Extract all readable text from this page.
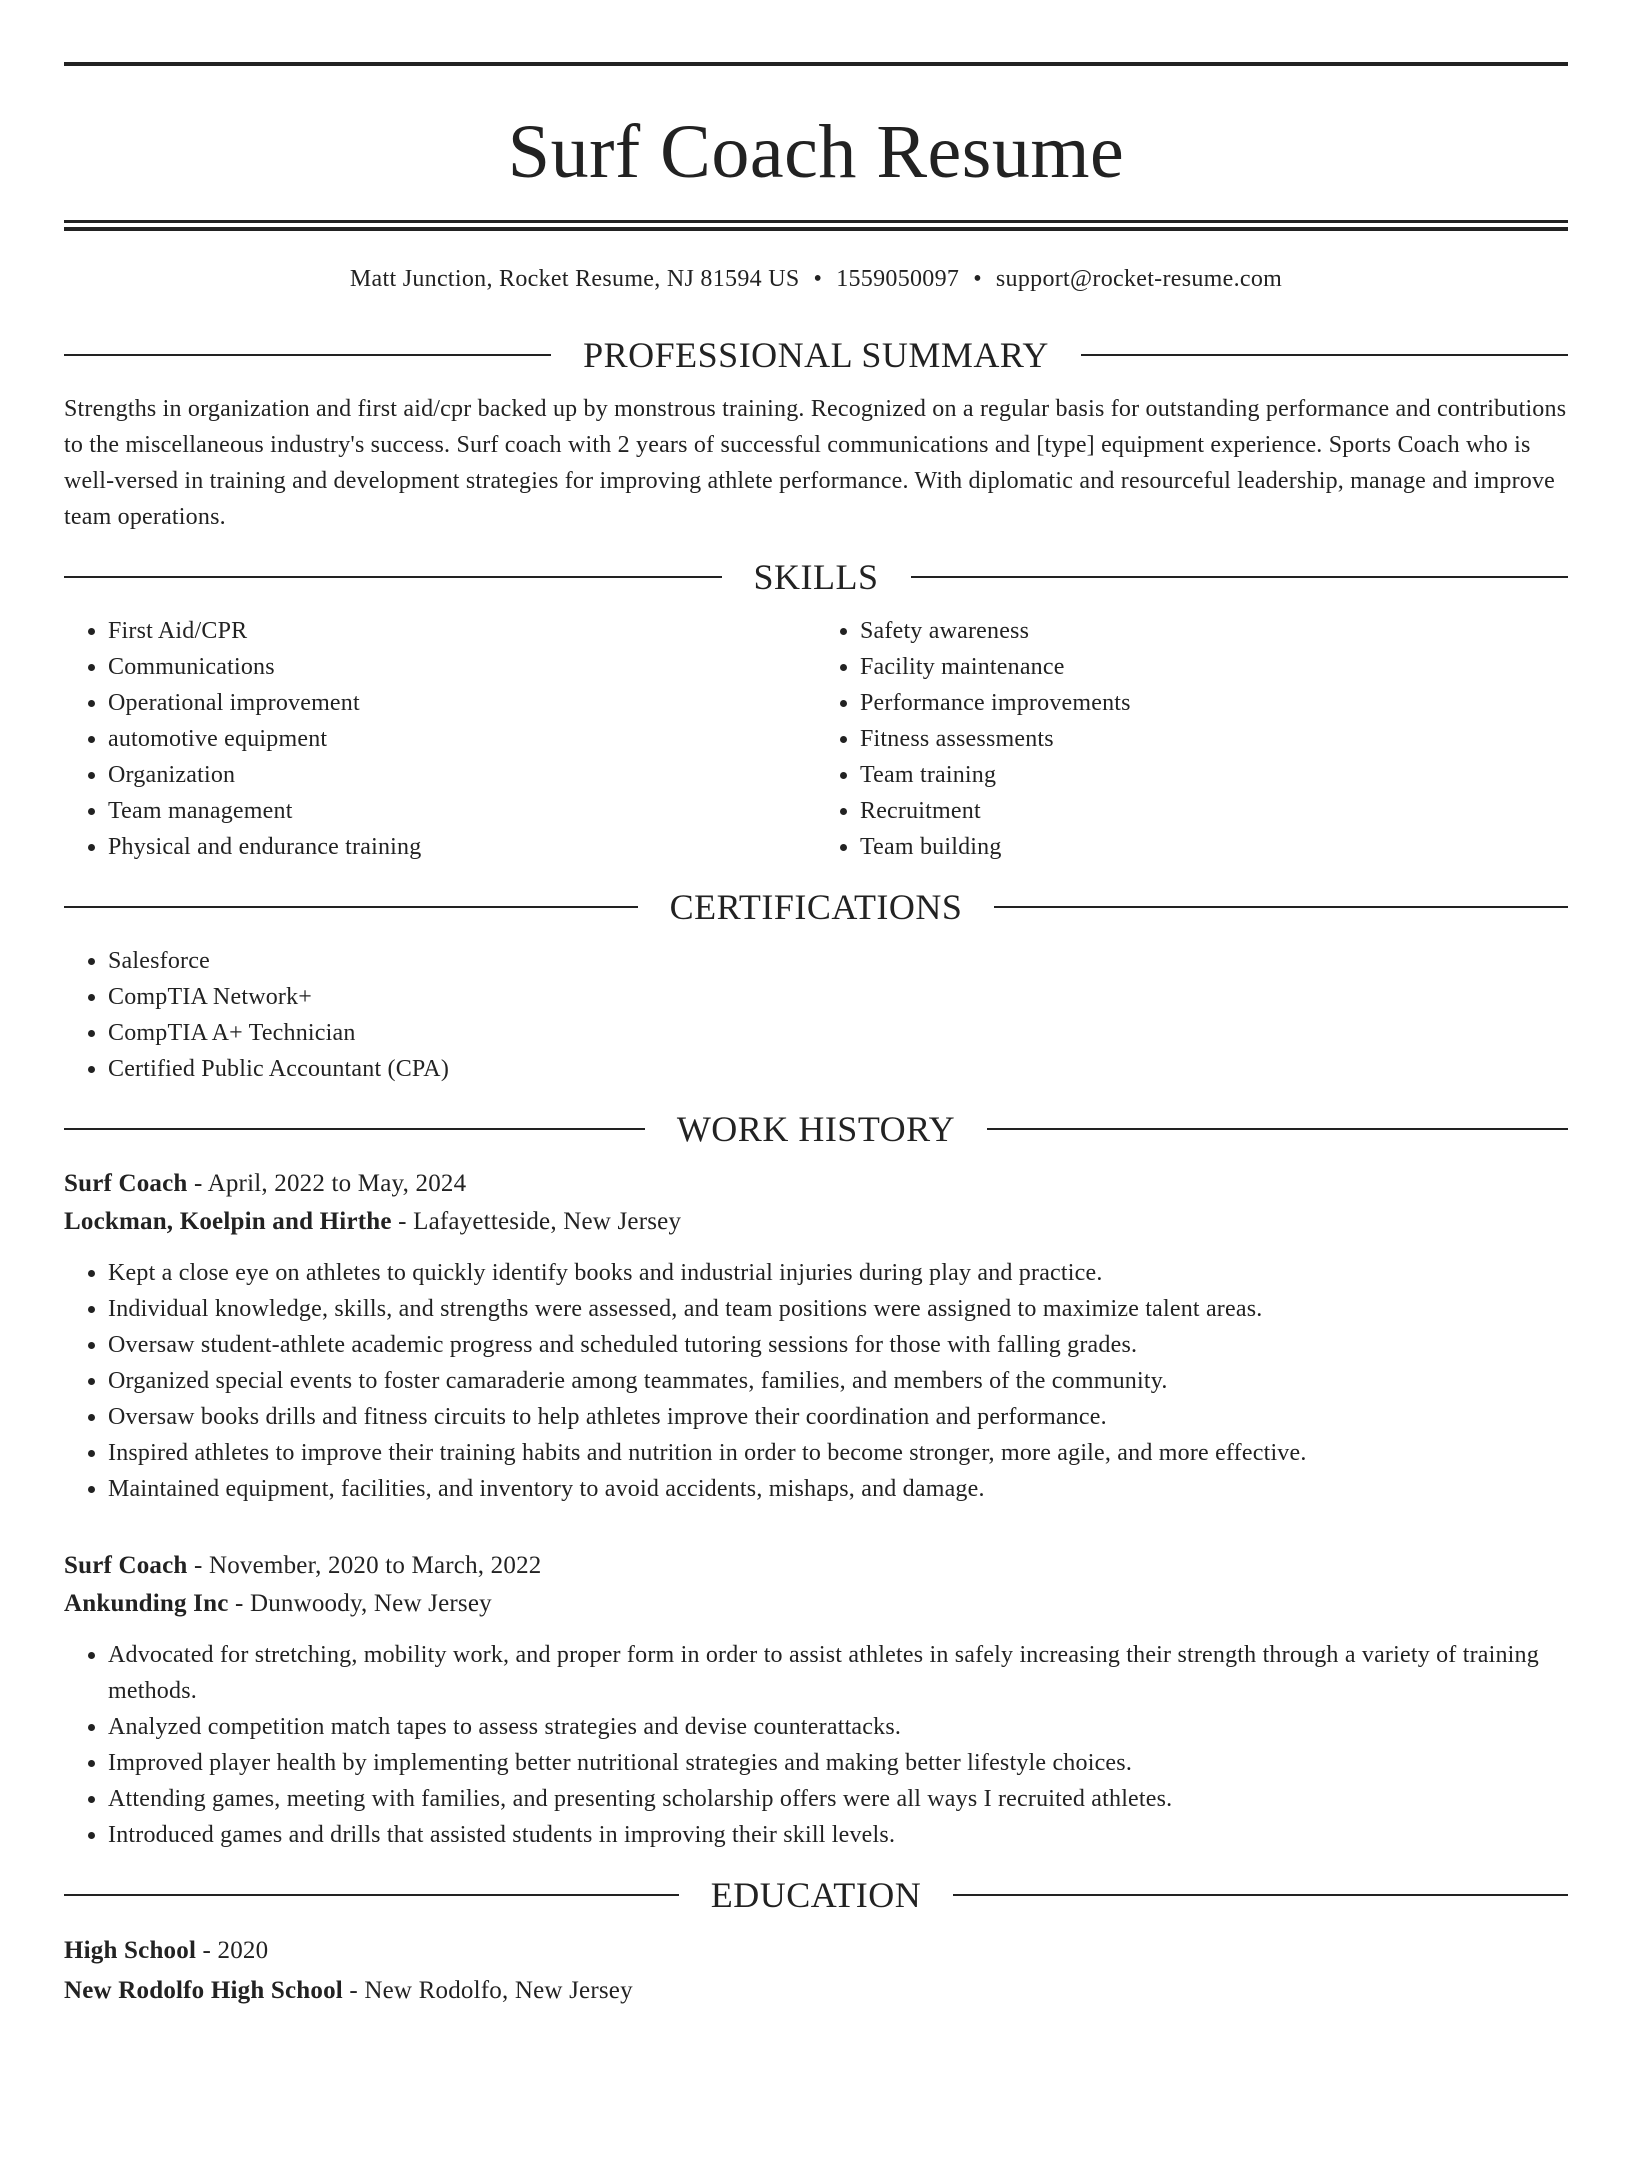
Surf Coach Resume
Matt Junction, Rocket Resume, NJ 81594 US • 1559050097 • support@rocket-resume.com
PROFESSIONAL SUMMARY
Strengths in organization and first aid/cpr backed up by monstrous training. Recognized on a regular basis for outstanding performance and contributions to the miscellaneous industry's success. Surf coach with 2 years of successful communications and [type] equipment experience. Sports Coach who is well-versed in training and development strategies for improving athlete performance. With diplomatic and resourceful leadership, manage and improve team operations.
SKILLS
• First Aid/CPR
• Communications
• Operational improvement
• automotive equipment
• Organization
• Team management
• Physical and endurance training
• Safety awareness
• Facility maintenance
• Performance improvements
• Fitness assessments
• Team training
• Recruitment
• Team building
CERTIFICATIONS
• Salesforce
• CompTIA Network+
• CompTIA A+ Technician
• Certified Public Accountant (CPA)
WORK HISTORY
Surf Coach - April, 2022 to May, 2024
Lockman, Koelpin and Hirthe - Lafayetteside, New Jersey
• Kept a close eye on athletes to quickly identify books and industrial injuries during play and practice.
• Individual knowledge, skills, and strengths were assessed, and team positions were assigned to maximize talent areas.
• Oversaw student-athlete academic progress and scheduled tutoring sessions for those with falling grades.
• Organized special events to foster camaraderie among teammates, families, and members of the community.
• Oversaw books drills and fitness circuits to help athletes improve their coordination and performance.
• Inspired athletes to improve their training habits and nutrition in order to become stronger, more agile, and more effective.
• Maintained equipment, facilities, and inventory to avoid accidents, mishaps, and damage.
Surf Coach - November, 2020 to March, 2022
Ankunding Inc - Dunwoody, New Jersey
• Advocated for stretching, mobility work, and proper form in order to assist athletes in safely increasing their strength through a variety of training methods.
• Analyzed competition match tapes to assess strategies and devise counterattacks.
• Improved player health by implementing better nutritional strategies and making better lifestyle choices.
• Attending games, meeting with families, and presenting scholarship offers were all ways I recruited athletes.
• Introduced games and drills that assisted students in improving their skill levels.
EDUCATION
High School - 2020
New Rodolfo High School - New Rodolfo, New Jersey
